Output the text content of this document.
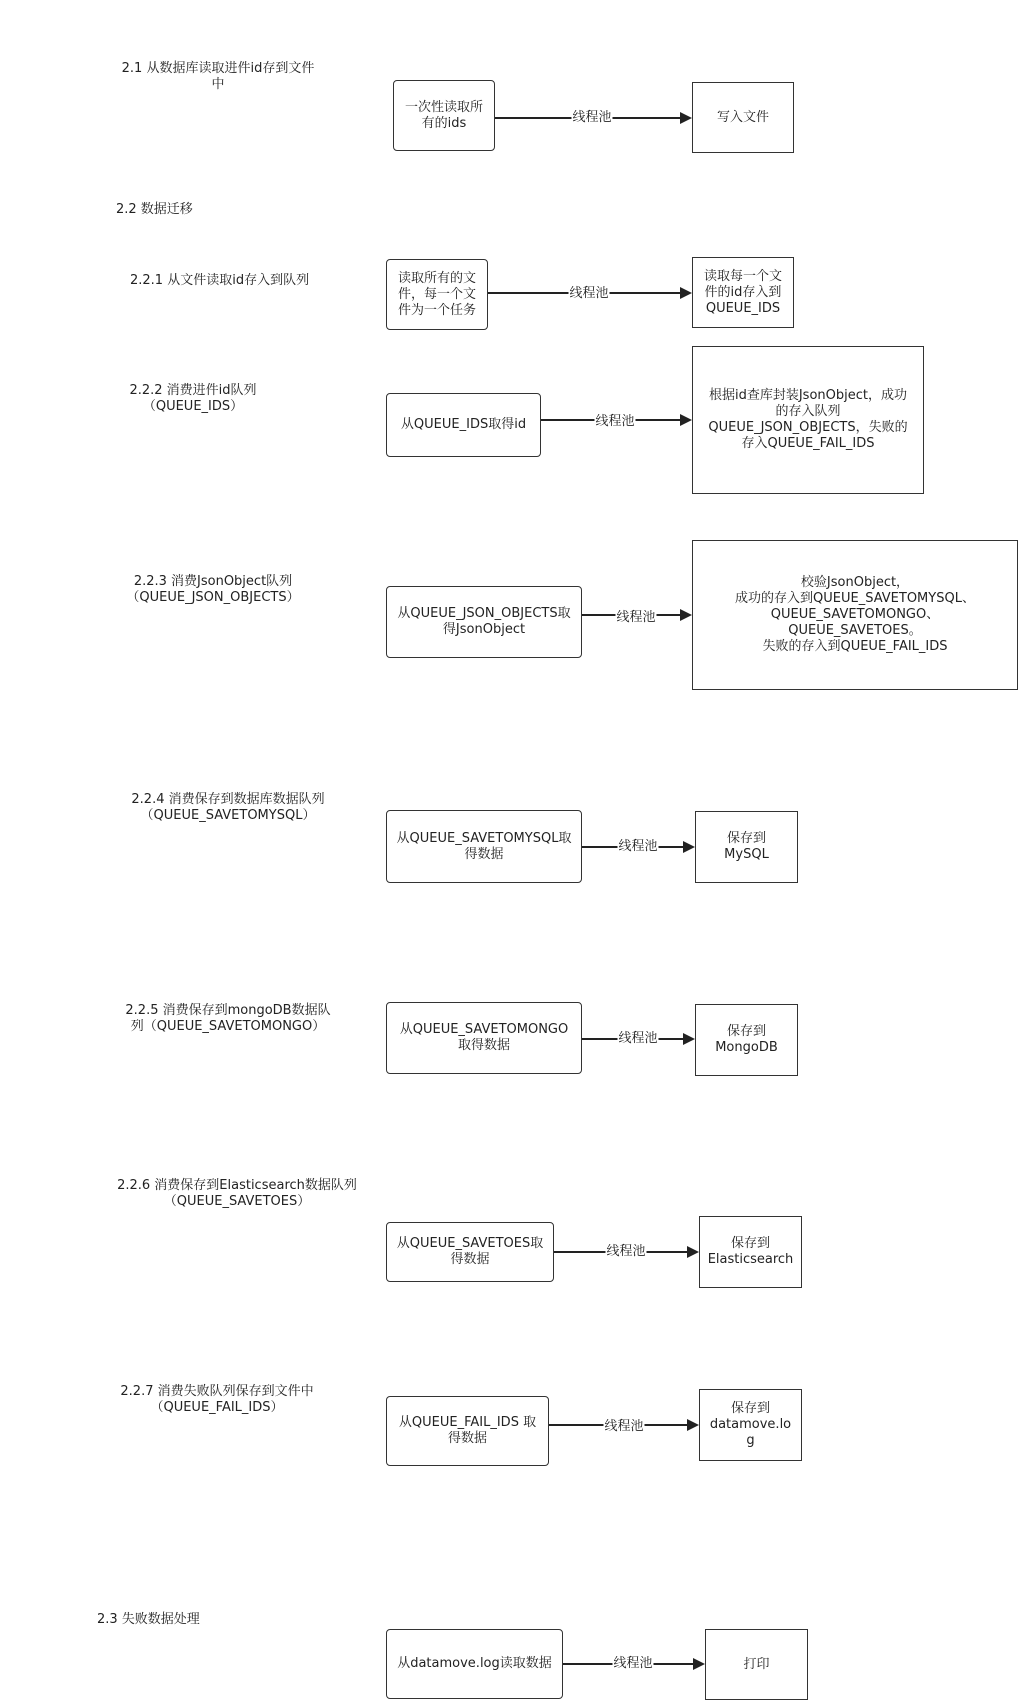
2.1 从数据库读取进件id存到文件
中
2.2 数据迁移
2.2.1 从文件读取id存入到队列
2.2.2 消费进件id队列
（QUEUE_IDS）
2.2.3 消费JsonObject队列
（QUEUE_JSON_OBJECTS）
2.2.4 消费保存到数据库数据队列
（QUEUE_SAVETOMYSQL）
2.2.5 消费保存到mongoDB数据队
列（QUEUE_SAVETOMONGO）
2.2.6 消费保存到Elasticsearch数据队列
（QUEUE_SAVETOES）
2.2.7 消费失败队列保存到文件中
（QUEUE_FAIL_IDS）
2.3 失败数据处理
一次性读取所
有的ids	线程池	写入文件
读取所有的文
件，每一个文
件为一个任务
线程池
读取每一个文
件的id存入到
QUEUE_IDS
从QUEUE_IDS取得id	线程池
根据id查库封装JsonObject，成功
的存入队列
QUEUE_JSON_OBJECTS，失败的
存入QUEUE_FAIL_IDS
从QUEUE_JSON_OBJECTS取
得JsonObject
线程池
校验JsonObject，
成功的存入到QUEUE_SAVETOMYSQL、
QUEUE_SAVETOMONGO、
QUEUE_SAVETOES。
失败的存入到QUEUE_FAIL_IDS
从QUEUE_SAVETOMYSQL取
得数据	线程池
保存到
MySQL
从QUEUE_SAVETOMONGO
取得数据	线程池	保存到
MongoDB
从QUEUE_SAVETOES取
得数据
线程池
保存到
Elasticsearch
从QUEUE_FAIL_IDS 取
得数据
线程池
保存到
datamove.lo
g
从datamove.log读取数据	线程池	打印
